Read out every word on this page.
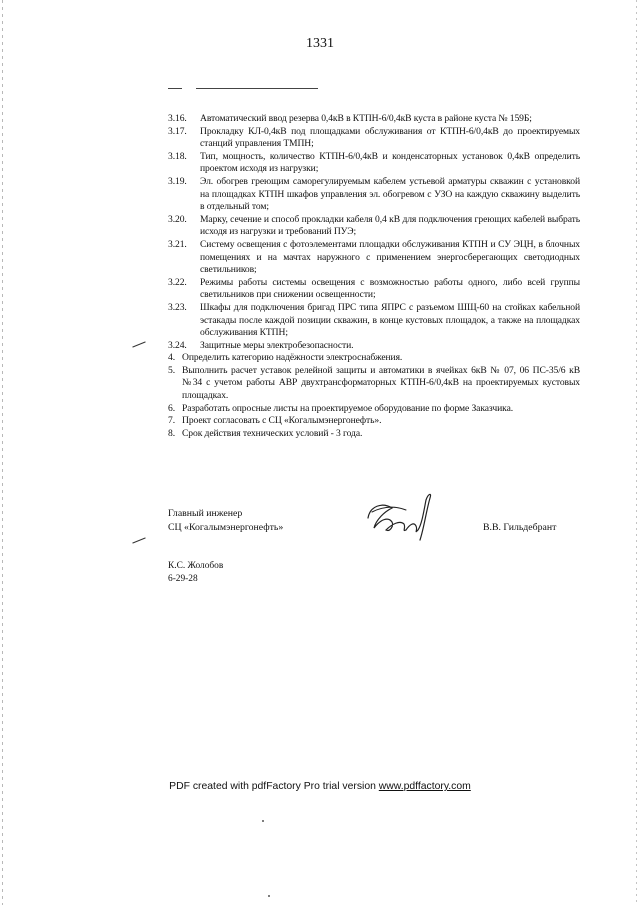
1331
3.16.	Автоматический ввод резерва 0,4кВ в КТПН-6/0,4кВ куста в районе куста № 159Б;
3.17.	Прокладку КЛ-0,4кВ под площадками обслуживания от КТПН-6/0,4кВ до проектируемых станций управления ТМПН;
3.18.	Тип, мощность, количество КТПН-6/0,4кВ и конденсаторных установок 0,4кВ определить проектом исходя из нагрузки;
3.19.	Эл. обогрев греющим саморегулируемым кабелем устьевой арматуры скважин с установкой на площадках КТПН шкафов управления эл. обогревом с УЗО на каждую скважину выделить в отдельный том;
3.20.	Марку, сечение и способ прокладки кабеля 0,4 кВ для подключения греющих кабелей выбрать исходя из нагрузки и требований ПУЭ;
3.21.	Систему освещения с фотоэлементами площадки обслуживания КТПН и СУ ЭЦН, в блочных помещениях и на мачтах наружного с применением энергосберегающих светодиодных светильников;
3.22.	Режимы работы системы освещения с возможностью работы одного, либо всей группы светильников при снижении освещенности;
3.23.	Шкафы для подключения бригад ПРС типа ЯПРС с разъемом ШЩ-60 на стойках кабельной эстакады после каждой позиции скважин, в конце кустовых площадок, а также на площадках обслуживания КТПН;
3.24.	Защитные меры электробезопасности.
4. Определить категорию надёжности электроснабжения.
5. Выполнить расчет уставок релейной защиты и автоматики в ячейках 6кВ № 07, 06 ПС-35/6 кВ №34 с учетом работы АВР двухтрансформаторных КТПН-6/0,4кВ на проектируемых кустовых площадках.
6. Разработать опросные листы на проектируемое оборудование по форме Заказчика.
7. Проект согласовать с СЦ «Когалымэнергонефть».
8. Срок действия технических условий - 3 года.
Главный инженер
СЦ «Когалымэнергонефть»	В.В. Гильдебрант
К.С. Жолобов
6-29-28
PDF created with pdfFactory Pro trial version www.pdffactory.com
